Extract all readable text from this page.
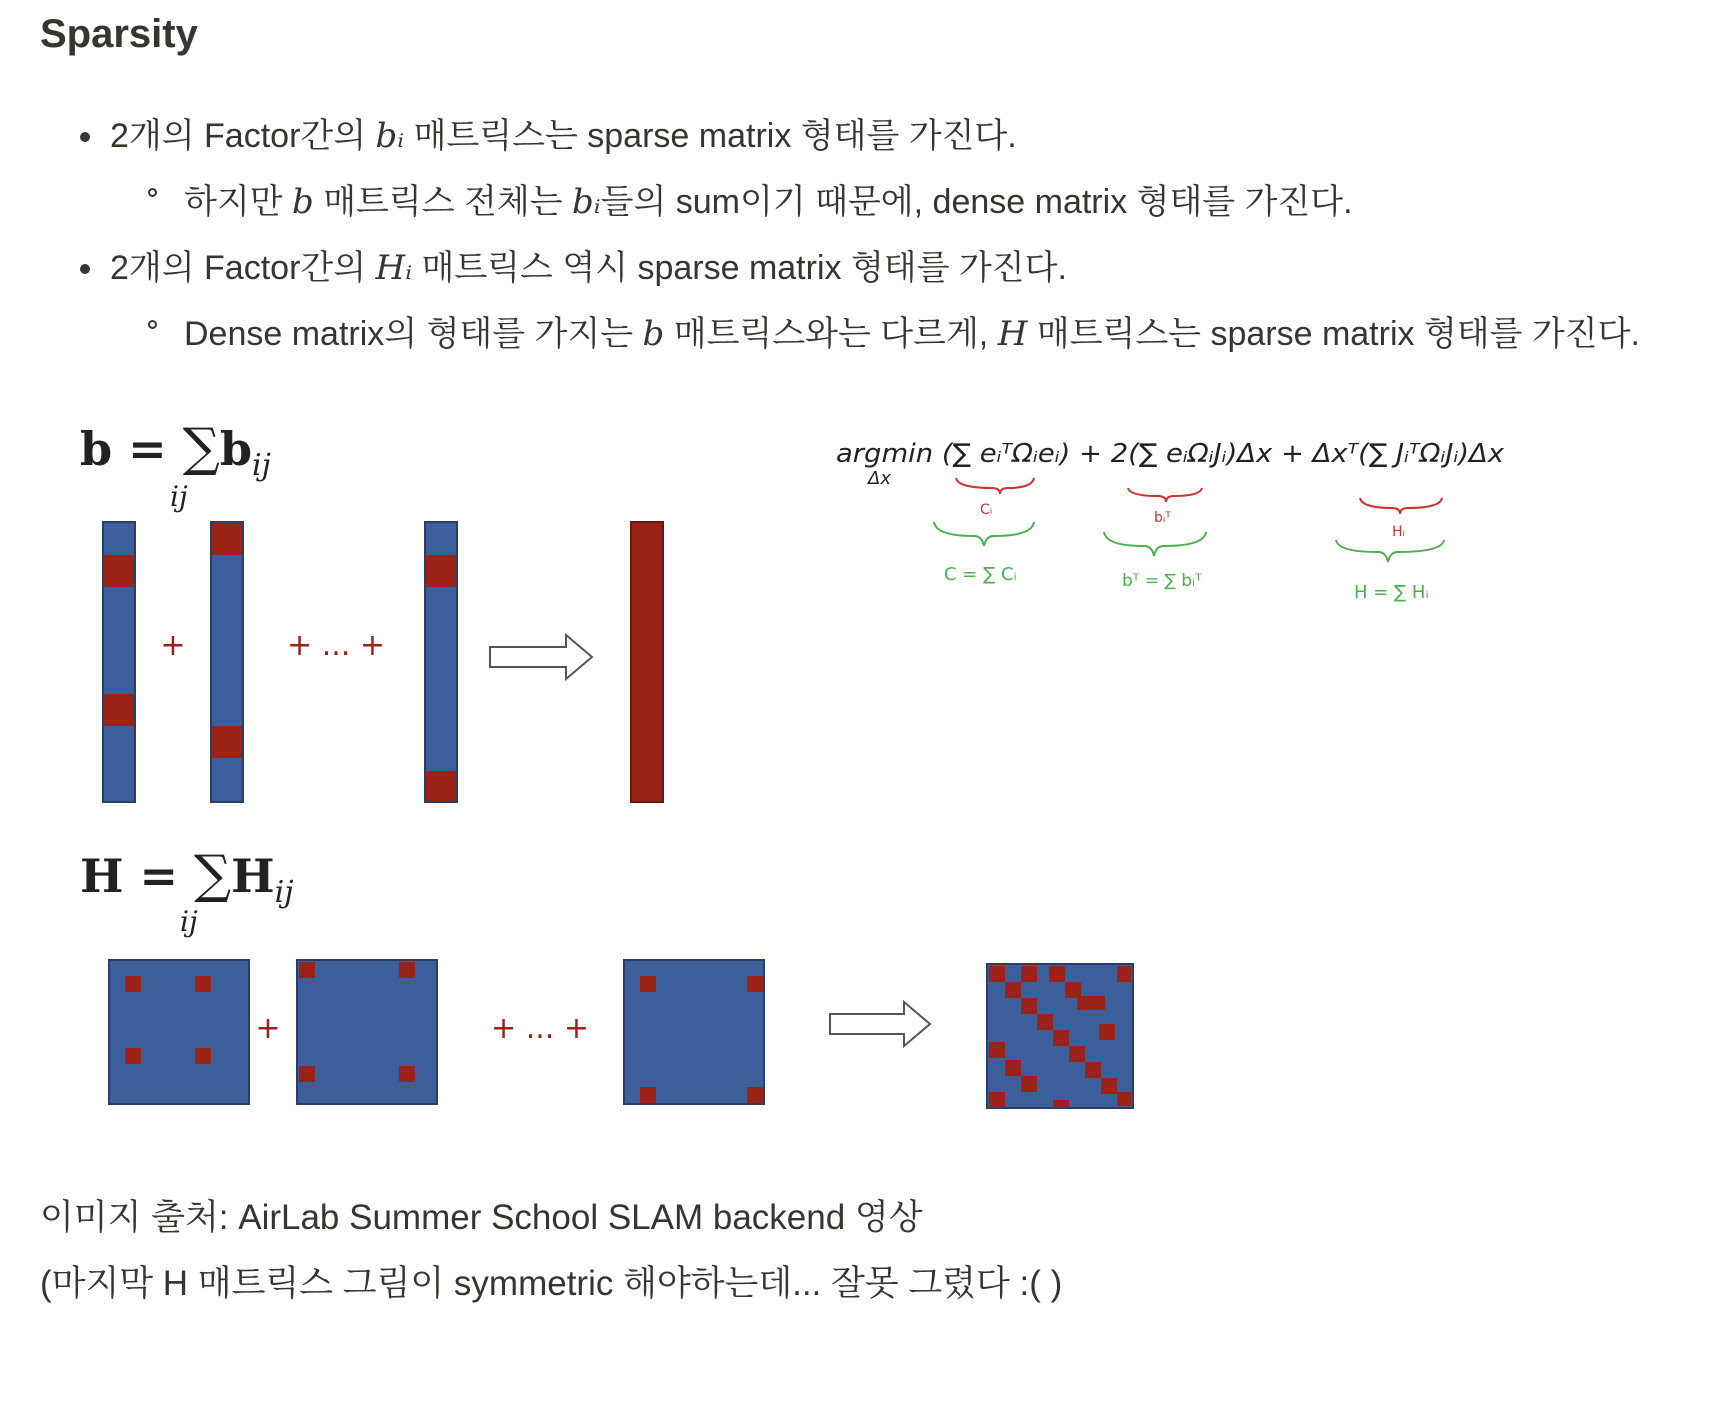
Sparsity
2개의 Factor간의 bᵢ 매트릭스는 sparse matrix 형태를 가진다.
하지만 b 매트릭스 전체는 bᵢ들의 sum이기 때문에, dense matrix 형태를 가진다.
2개의 Factor간의 Hᵢ 매트릭스 역시 sparse matrix 형태를 가진다.
Dense matrix의 형태를 가지는 b 매트릭스와는 다르게, H 매트릭스는 sparse matrix 형태를 가진다.
$b = \sum b_{ij}$
ij
$H = \sum H_{ij}$
ij
+	+ ... +
+	+ ... +
argmin (∑ eᵢᵀΩᵢeᵢ) + 2(∑ eᵢΩᵢJᵢ)Δx + Δxᵀ(∑ JᵢᵀΩᵢJᵢ)Δx
Δx
Cᵢ	bᵢᵀ
Hᵢ
C = ∑ Cᵢ	bᵀ = ∑ bᵢᵀ
H = ∑ Hᵢ
이미지 출처: AirLab Summer School SLAM backend 영상
(마지막 H 매트릭스 그림이 symmetric 해야하는데... 잘못 그렸다 :( )
